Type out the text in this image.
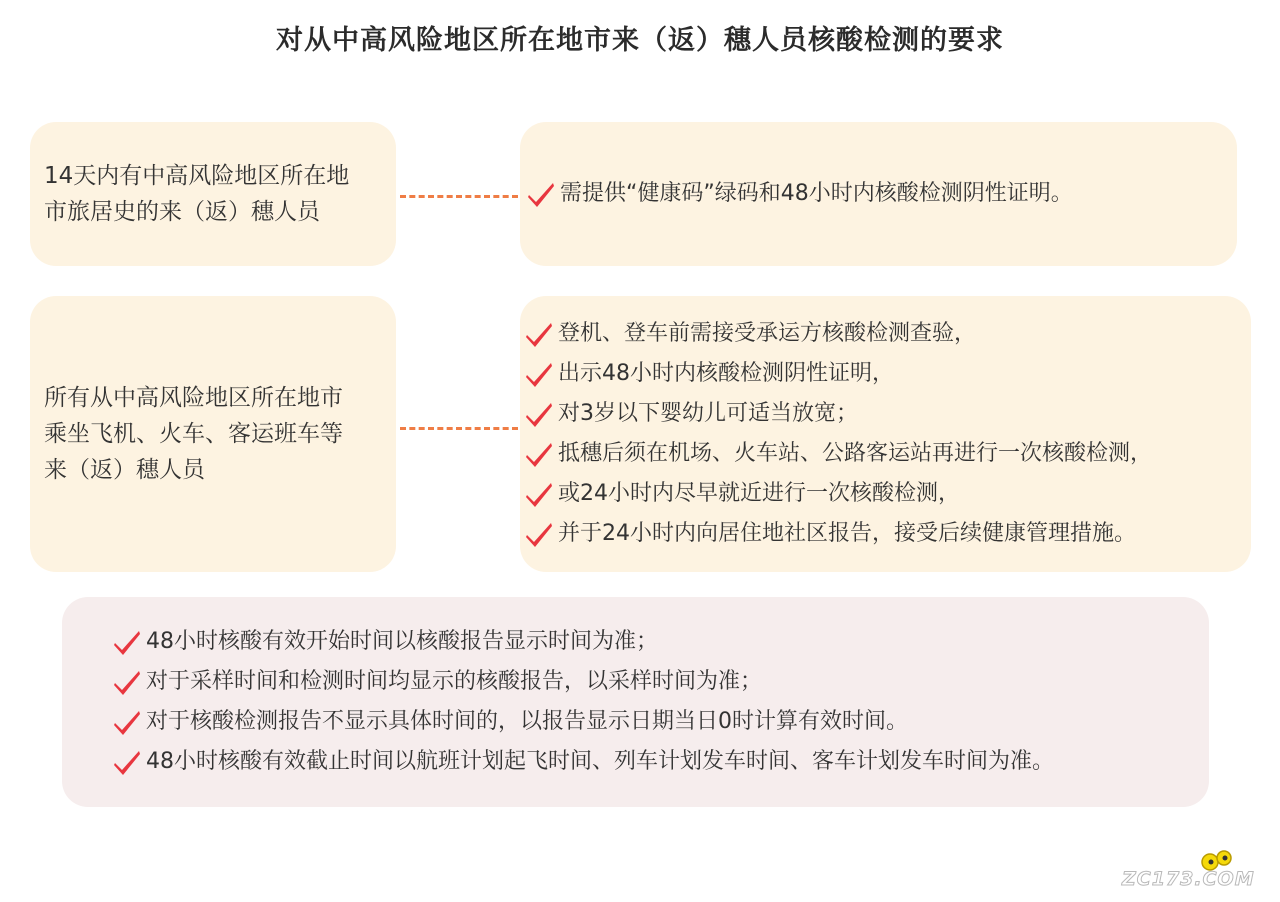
对从中高风险地区所在地市来（返）穗人员核酸检测的要求
14天内有中高风险地区所在地
市旅居史的来（返）穗人员
需提供“健康码”绿码和48小时内核酸检测阴性证明。
所有从中高风险地区所在地市
乘坐飞机、火车、客运班车等
来（返）穗人员
登机、登车前需接受承运方核酸检测查验，
出示48小时内核酸检测阴性证明，
对3岁以下婴幼儿可适当放宽；
抵穗后须在机场、火车站、公路客运站再进行一次核酸检测，
或24小时内尽早就近进行一次核酸检测，
并于24小时内向居住地社区报告，接受后续健康管理措施。
48小时核酸有效开始时间以核酸报告显示时间为准；
对于采样时间和检测时间均显示的核酸报告，以采样时间为准；
对于核酸检测报告不显示具体时间的，以报告显示日期当日0时计算有效时间。
48小时核酸有效截止时间以航班计划起飞时间、列车计划发车时间、客车计划发车时间为准。
ZC173.COM
